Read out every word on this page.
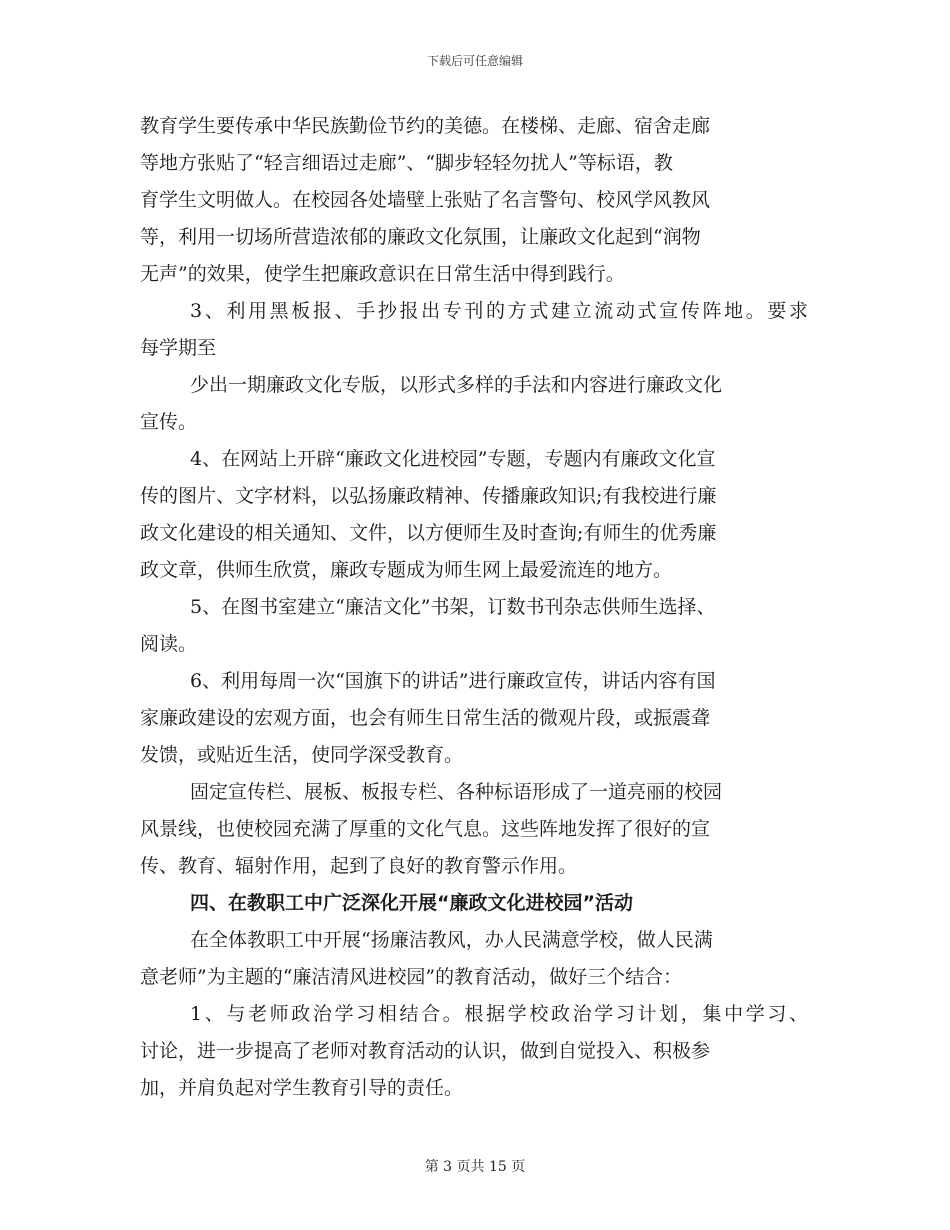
下载后可任意编辑
教育学生要传承中华民族勤俭节约的美德。在楼梯、走廊、宿舍走廊
等地方张贴了“轻言细语过走廊”、“脚步轻轻勿扰人”等标语，教
育学生文明做人。在校园各处墙壁上张贴了名言警句、校风学风教风
等，利用一切场所营造浓郁的廉政文化氛围，让廉政文化起到“润物
无声”的效果，使学生把廉政意识在日常生活中得到践行。
3、利用黑板报、手抄报出专刊的方式建立流动式宣传阵地。要求
每学期至
少出一期廉政文化专版，以形式多样的手法和内容进行廉政文化
宣传。
4、在网站上开辟“廉政文化进校园”专题，专题内有廉政文化宣
传的图片、文字材料，以弘扬廉政精神、传播廉政知识;有我校进行廉
政文化建设的相关通知、文件，以方便师生及时查询;有师生的优秀廉
政文章，供师生欣赏，廉政专题成为师生网上最爱流连的地方。
5、在图书室建立“廉洁文化”书架，订数书刊杂志供师生选择、
阅读。
6、利用每周一次“国旗下的讲话”进行廉政宣传，讲话内容有国
家廉政建设的宏观方面，也会有师生日常生活的微观片段，或振震聋
发馈，或贴近生活，使同学深受教育。
固定宣传栏、展板、板报专栏、各种标语形成了一道亮丽的校园
风景线，也使校园充满了厚重的文化气息。这些阵地发挥了很好的宣
传、教育、辐射作用，起到了良好的教育警示作用。
四、在教职工中广泛深化开展“廉政文化进校园”活动
在全体教职工中开展“扬廉洁教风，办人民满意学校，做人民满
意老师”为主题的“廉洁清风进校园”的教育活动，做好三个结合：
1、与老师政治学习相结合。根据学校政治学习计划，集中学习、
讨论，进一步提高了老师对教育活动的认识，做到自觉投入、积极参
加，并肩负起对学生教育引导的责任。
第 3 页共 15 页
